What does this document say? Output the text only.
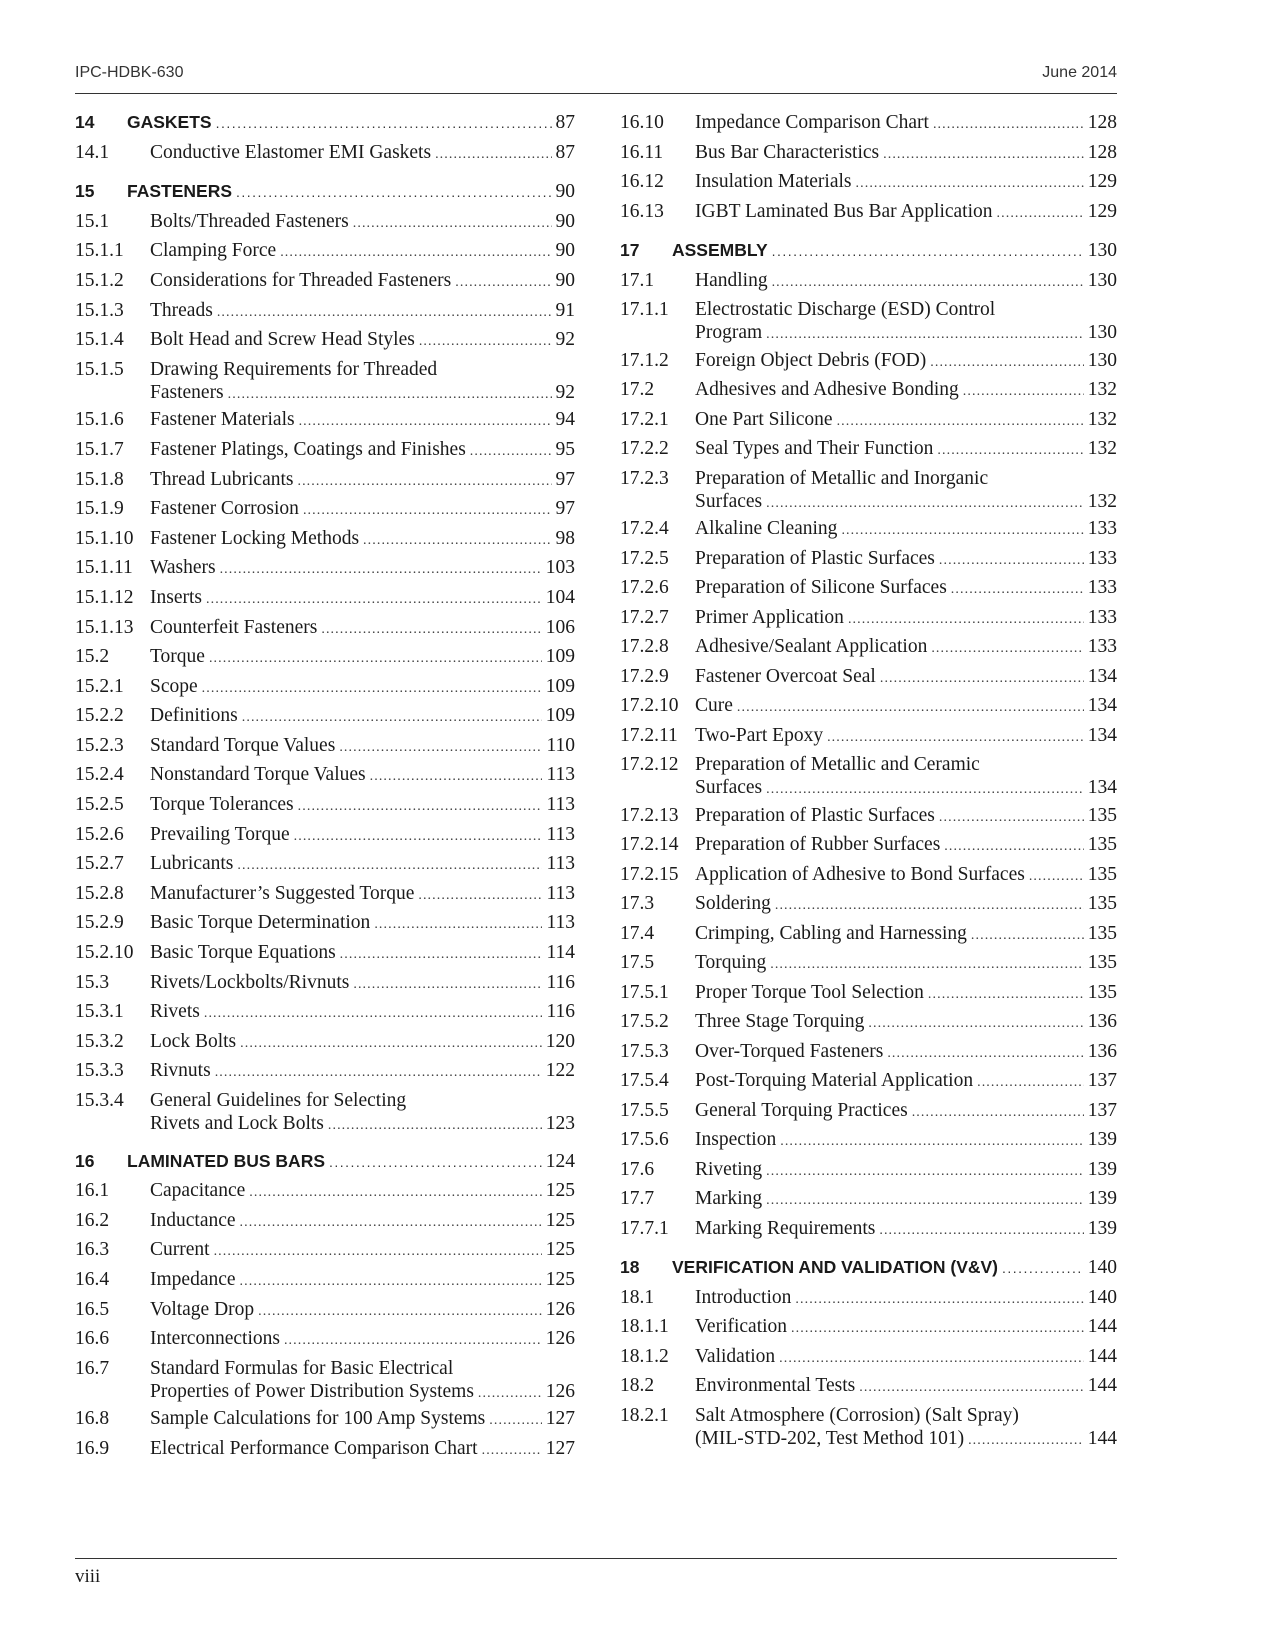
IPC-HDBK-630	June 2014
14	GASKETS . . .	87
14.1	Conductive Elastomer EMI Gaskets . . .	87
15	FASTENERS . . .	90
15.1	Bolts/Threaded Fasteners . . .	90
15.1.1	Clamping Force . . .	90
15.1.2	Considerations for Threaded Fasteners . . .	90
15.1.3	Threads . . .	91
15.1.4	Bolt Head and Screw Head Styles . . .	92
15.1.5	Drawing Requirements for Threaded
Fasteners . . .	92
15.1.6	Fastener Materials . . .	94
15.1.7	Fastener Platings, Coatings and Finishes . . .	95
15.1.8	Thread Lubricants . . .	97
15.1.9	Fastener Corrosion . . .	97
15.1.10 Fastener Locking Methods . . .	98
15.1.11 Washers . . .	103
15.1.12 Inserts . . .	104
15.1.13 Counterfeit Fasteners . . .	106
15.2	Torque . . .	109
15.2.1	Scope . . .	109
15.2.2	Definitions . . .	109
15.2.3	Standard Torque Values . . .	110
15.2.4	Nonstandard Torque Values . . .	113
15.2.5	Torque Tolerances . . .	113
15.2.6	Prevailing Torque . . .	113
15.2.7	Lubricants . . .	113
15.2.8	Manufacturer’s Suggested Torque . . .	113
15.2.9	Basic Torque Determination . . .	113
15.2.10 Basic Torque Equations . . .	114
15.3	Rivets/Lockbolts/Rivnuts . . .	116
15.3.1	Rivets . . .	116
15.3.2	Lock Bolts . . .	120
15.3.3	Rivnuts . . .	122
15.3.4	General Guidelines for Selecting
Rivets and Lock Bolts . . .	123
16	LAMINATED BUS BARS . . .	124
16.1	Capacitance . . .	125
16.2	Inductance . . .	125
16.3	Current . . .	125
16.4	Impedance . . .	125
16.5	Voltage Drop . . .	126
16.6	Interconnections . . .	126
16.7	Standard Formulas for Basic Electrical
Properties of Power Distribution Systems . . .	126
16.8	Sample Calculations for 100 Amp Systems . . .	127
16.9	Electrical Performance Comparison Chart . . .	127
16.10	Impedance Comparison Chart . . .	128
16.11	Bus Bar Characteristics . . .	128
16.12	Insulation Materials . . .	129
16.13	IGBT Laminated Bus Bar Application . . .	129
17	ASSEMBLY . . .	130
17.1	Handling . . .	130
17.1.1	Electrostatic Discharge (ESD) Control
Program . . .	130
17.1.2	Foreign Object Debris (FOD) . . .	130
17.2	Adhesives and Adhesive Bonding . . .	132
17.2.1	One Part Silicone . . .	132
17.2.2	Seal Types and Their Function . . .	132
17.2.3	Preparation of Metallic and Inorganic
Surfaces . . .	132
17.2.4	Alkaline Cleaning . . .	133
17.2.5	Preparation of Plastic Surfaces . . .	133
17.2.6	Preparation of Silicone Surfaces . . .	133
17.2.7	Primer Application . . .	133
17.2.8	Adhesive/Sealant Application . . .	133
17.2.9	Fastener Overcoat Seal . . .	134
17.2.10 Cure . . .	134
17.2.11 Two-Part Epoxy . . .	134
17.2.12 Preparation of Metallic and Ceramic
Surfaces . . .	134
17.2.13 Preparation of Plastic Surfaces . . .	135
17.2.14 Preparation of Rubber Surfaces . . .	135
17.2.15 Application of Adhesive to Bond Surfaces . . .	135
17.3	Soldering . . .	135
17.4	Crimping, Cabling and Harnessing . . .	135
17.5	Torquing . . .	135
17.5.1	Proper Torque Tool Selection . . .	135
17.5.2	Three Stage Torquing . . .	136
17.5.3	Over-Torqued Fasteners . . .	136
17.5.4	Post-Torquing Material Application . . .	137
17.5.5	General Torquing Practices . . .	137
17.5.6	Inspection . . .	139
17.6	Riveting . . .	139
17.7	Marking . . .	139
17.7.1	Marking Requirements . . .	139
18	VERIFICATION AND VALIDATION (V&V) . . .	140
18.1	Introduction . . .	140
18.1.1	Verification . . .	144
18.1.2	Validation . . .	144
18.2	Environmental Tests . . .	144
18.2.1	Salt Atmosphere (Corrosion) (Salt Spray)
(MIL-STD-202, Test Method 101) . . .	144
viii
